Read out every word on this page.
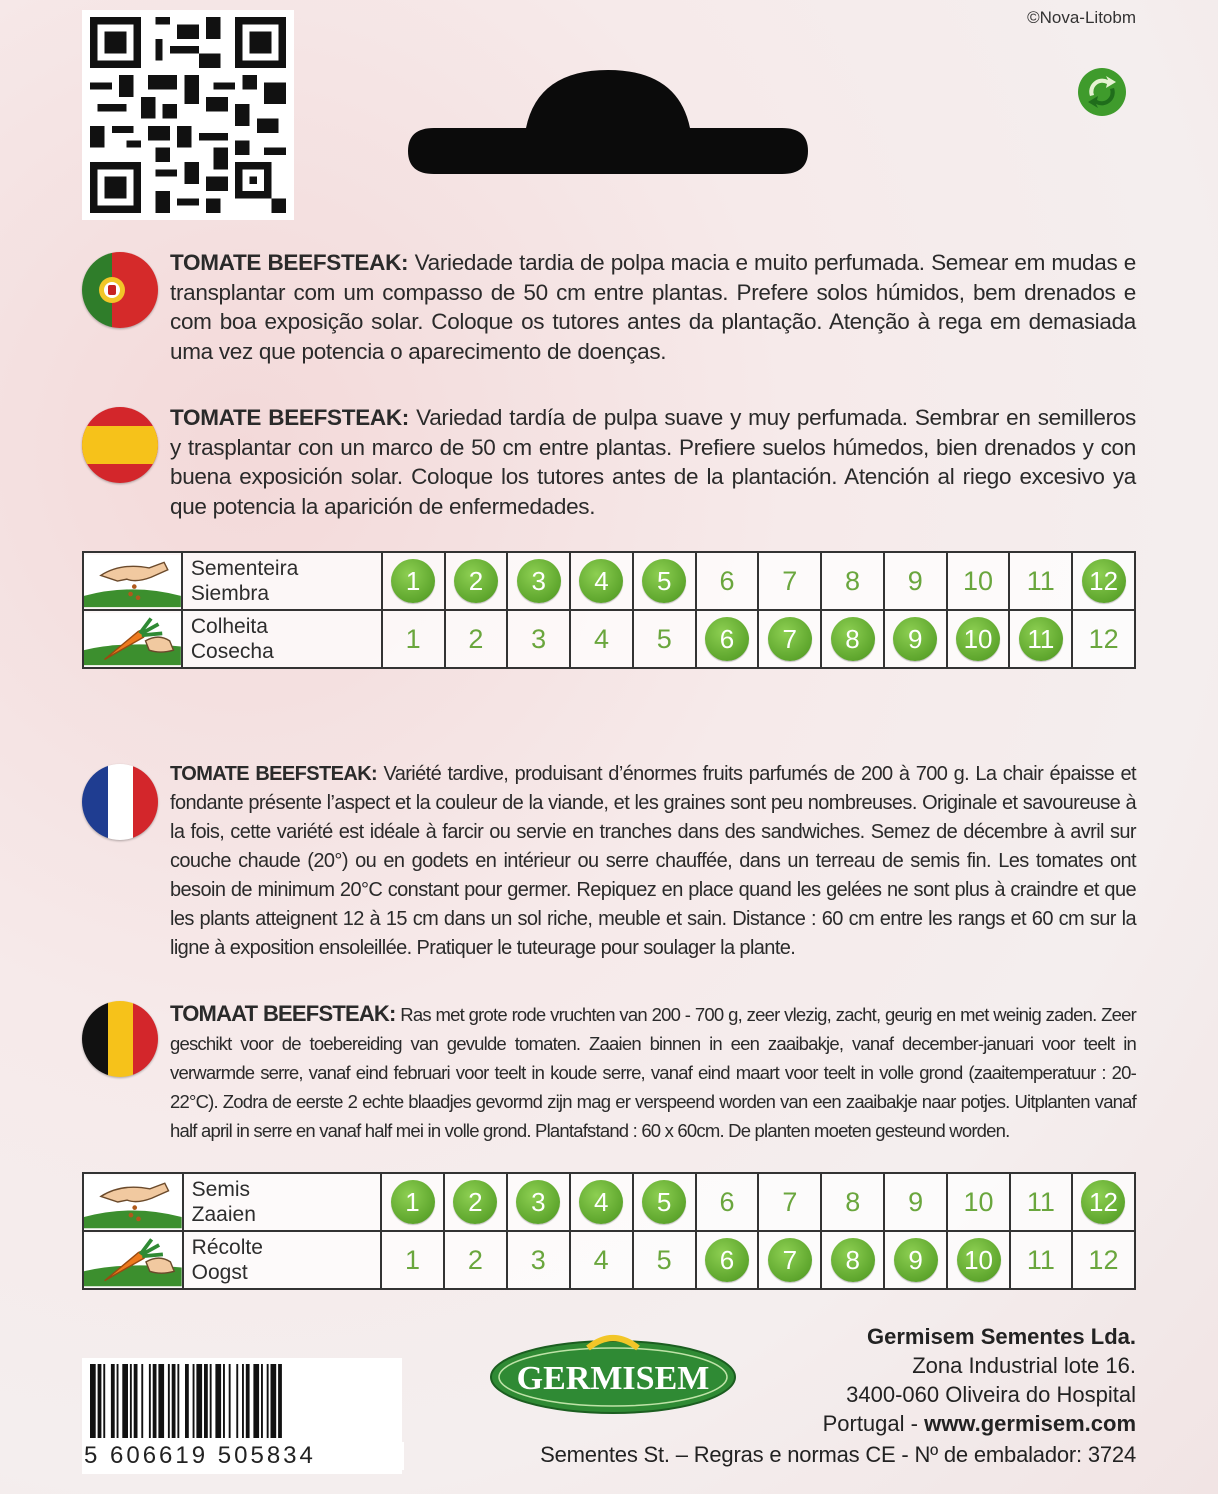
©Nova-Litobm
TOMATE BEEFSTEAK: Variedade tardia de polpa macia e muito perfumada. Semear em mudas e transplantar com um compasso de 50 cm entre plantas. Prefere solos húmidos, bem drenados e com boa exposição solar. Coloque os tutores antes da plantação. Atenção à rega em demasiada uma vez que potencia o aparecimento de doenças.
TOMATE BEEFSTEAK: Variedad tardía de pulpa suave y muy perfumada. Sembrar en semilleros y trasplantar con un marco de 50 cm entre plantas. Prefiere suelos húmedos, bien drenados y con buena exposición solar. Coloque los tutores antes de la plantación. Atención al riego excesivo ya que potencia la aparición de enfermedades.

Sementeira
Siembra	1	2	3	4	5	6	7	8	9	10	11	12

Colheita
Cosecha	1	2	3	4	5	6	7	8	9	10	11	12
TOMATE BEEFSTEAK: Variété tardive, produisant d’énormes fruits parfumés de 200 à 700 g. La chair épaisse et fondante présente l’aspect et la couleur de la viande, et les graines sont peu nombreuses. Originale et savoureuse à la fois, cette variété est idéale à farcir ou servie en tranches dans des sandwiches. Semez de décembre à avril sur couche chaude (20°) ou en godets en intérieur ou serre chauffée, dans un terreau de semis fin. Les tomates ont besoin de minimum 20°C constant pour germer. Repiquez en place quand les gelées ne sont plus à craindre et que les plants atteignent 12 à 15 cm dans un sol riche, meuble et sain. Distance : 60 cm entre les rangs et 60 cm sur la ligne à exposition ensoleillée. Pratiquer le tuteurage pour soulager la plante.
TOMAAT BEEFSTEAK: Ras met grote rode vruchten van 200 - 700 g, zeer vlezig, zacht, geurig en met weinig zaden. Zeer geschikt voor de toebereiding van gevulde tomaten. Zaaien binnen in een zaaibakje, vanaf december-januari voor teelt in verwarmde serre, vanaf eind februari voor teelt in koude serre, vanaf eind maart voor teelt in volle grond (zaaitemperatuur : 20-22°C). Zodra de eerste 2 echte blaadjes gevormd zijn mag er verspeend worden van een zaaibakje naar potjes. Uitplanten vanaf half april in serre en vanaf half mei in volle grond. Plantafstand : 60 x 60cm. De planten moeten gesteund worden.

Semis
Zaaien	1	2	3	4	5	6	7	8	9	10	11	12

Récolte
Oogst	1	2	3	4	5	6	7	8	9	10	11	12
5 606619 505834
GERMISEM
Germisem Sementes Lda.
Zona Industrial lote 16.
3400-060 Oliveira do Hospital
Portugal - www.germisem.com
Sementes St. – Regras e normas CE - Nº de embalador: 3724
